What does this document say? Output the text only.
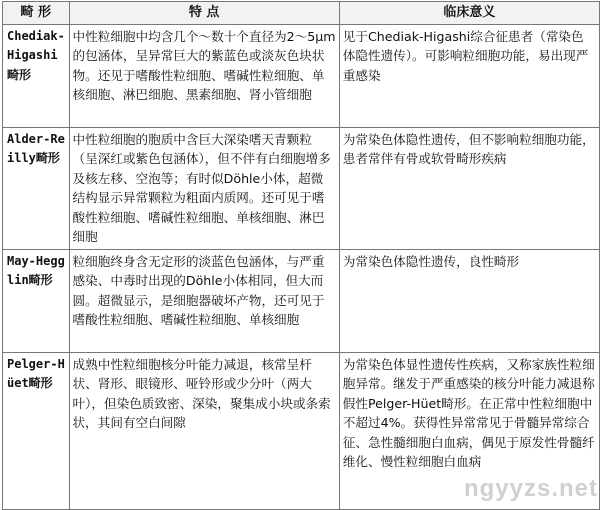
畸 形	特 点	临床意义
Chediak-Higashi畸形	中性粒细胞中均含几个～数十个直径为2～5μm的包涵体，呈异常巨大的紫蓝色或淡灰色块状物。还见于嗜酸性粒细胞、嗜碱性粒细胞、单核细胞、淋巴细胞、黑素细胞、肾小管细胞	见于Chediak-Higashi综合征患者（常染色体隐性遗传）。可影响粒细胞功能，易出现严重感染
Alder-Reilly畸形	中性粒细胞的胞质中含巨大深染嗜天青颗粒（呈深红或紫色包涵体），但不伴有白细胞增多及核左移、空泡等；有时似Döhle小体，超微结构显示异常颗粒为粗面内质网。还可见于嗜酸性粒细胞、嗜碱性粒细胞、单核细胞、淋巴细胞	为常染色体隐性遗传，但不影响粒细胞功能，患者常伴有骨或软骨畸形疾病
May-Hegglin畸形	粒细胞终身含无定形的淡蓝色包涵体，与严重感染、中毒时出现的Döhle小体相同，但大而圆。超微显示，是细胞器破坏产物，还可见于嗜酸性粒细胞、嗜碱性粒细胞、单核细胞	为常染色体隐性遗传，良性畸形
Pelger-Hüet畸形	成熟中性粒细胞核分叶能力减退，核常呈杆状、肾形、眼镜形、哑铃形或少分叶（两大叶），但染色质致密、深染，聚集成小块或条索状，其间有空白间隙	为常染色体显性遗传性疾病，又称家族性粒细胞异常。继发于严重感染的核分叶能力减退称假性Pelger-Hüet畸形。在正常中性粒细胞中不超过4%。获得性异常常见于骨髓异常综合征、急性髓细胞白血病，偶见于原发性骨髓纤维化、慢性粒细胞白血病
ngyyzs.net
